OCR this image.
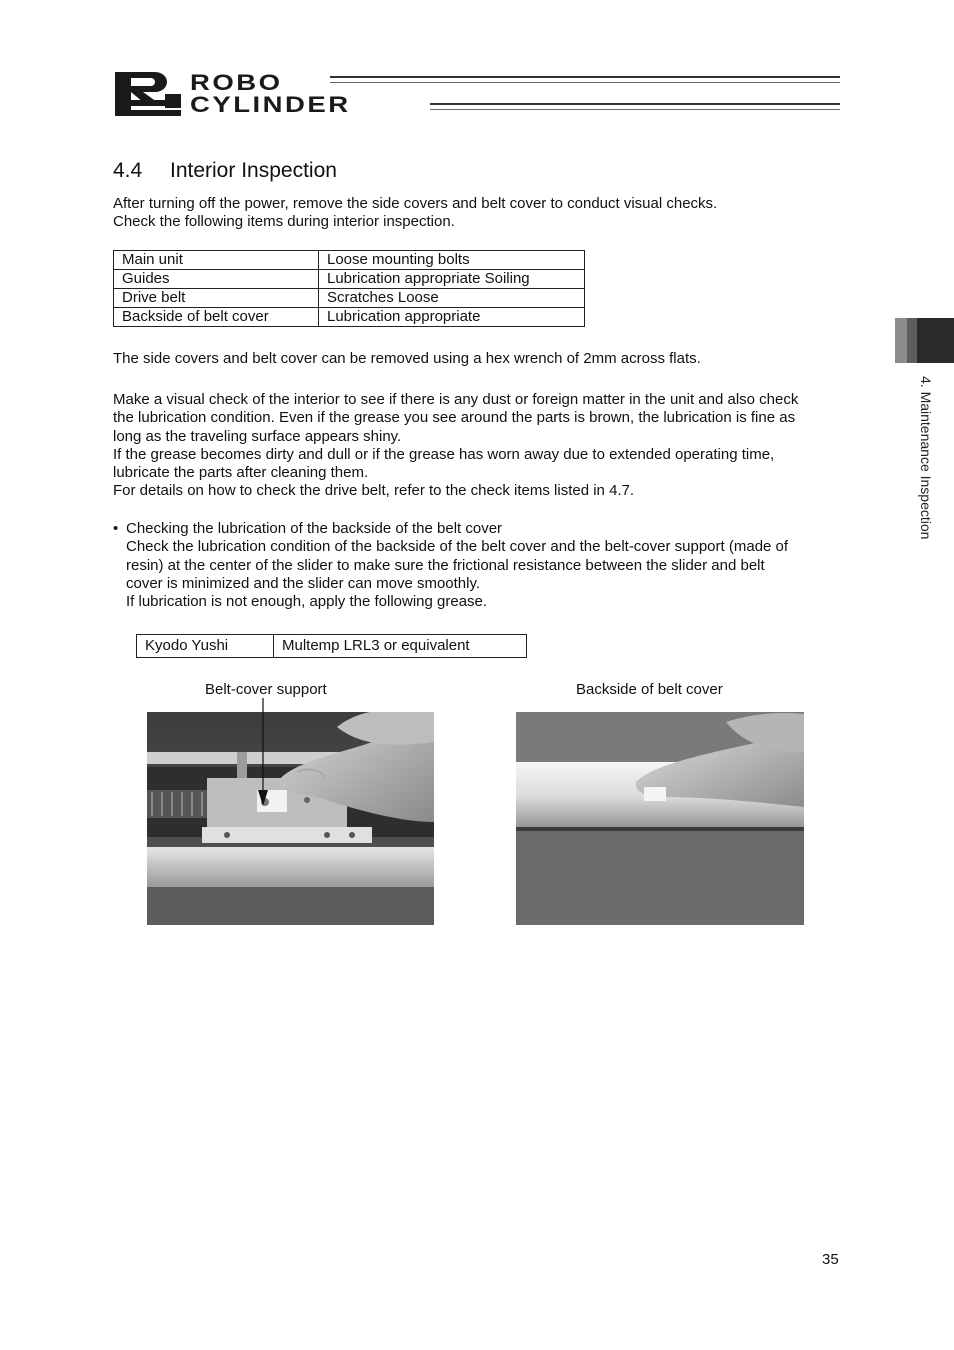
ROBO
CYLINDER
4.4 Interior Inspection

After turning off the power, remove the side covers and belt cover to conduct visual checks.

Check the following items during interior inspection.

Main unit	Loose mounting bolts
Guides	Lubrication appropriate Soiling
Drive belt	Scratches Loose
Backside of belt cover	Lubrication appropriate

The side covers and belt cover can be removed using a hex wrench of 2mm across flats.

Make a visual check of the interior to see if there is any dust or foreign matter in the unit and also check

the lubrication condition. Even if the grease you see around the parts is brown, the lubrication is fine as

long as the traveling surface appears shiny.

If the grease becomes dirty and dull or if the grease has worn away due to extended operating time,

lubricate the parts after cleaning them.

For details on how to check the drive belt, refer to the check items listed in 4.7.

• Checking the lubrication of the backside of the belt cover

Check the lubrication condition of the backside of the belt cover and the belt-cover support (made of

resin) at the center of the slider to make sure the frictional resistance between the slider and belt

cover is minimized and the slider can move smoothly.

If lubrication is not enough, apply the following grease.

Kyodo Yushi	Multemp LRL3 or equivalent
Belt-cover support	Backside of belt cover
4. Maintenance Inspection
35
